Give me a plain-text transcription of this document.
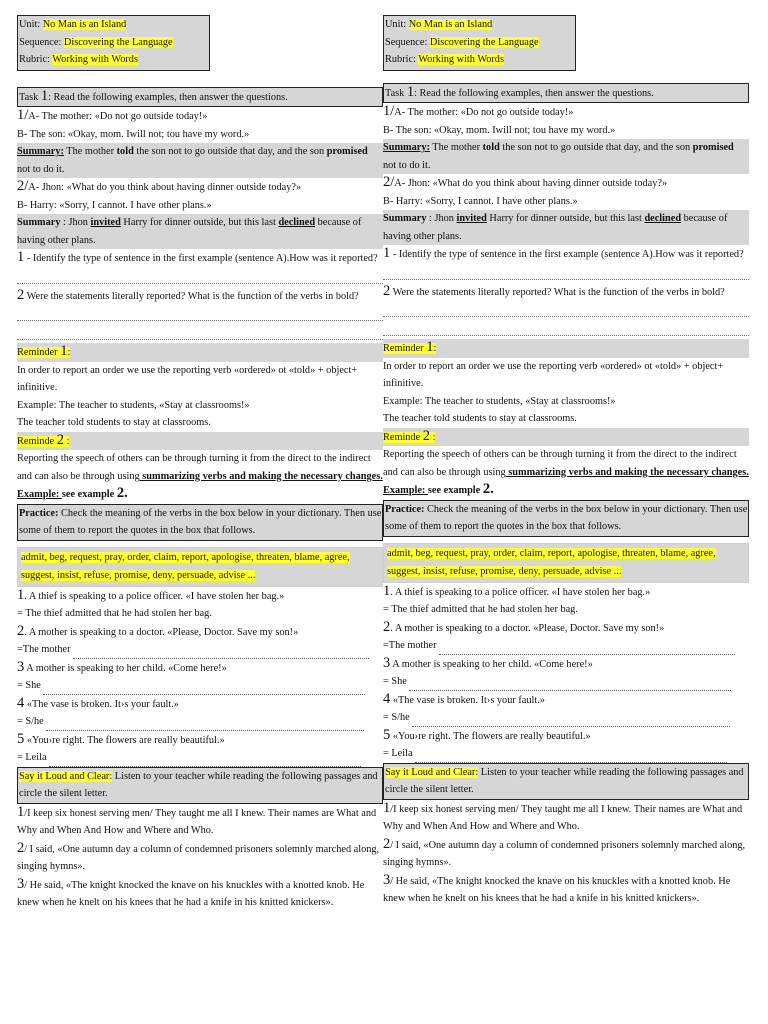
Unit: No Man is an Island
Sequence: Discovering the Language
Rubric: Working with Words

Task 1: Read the following examples, then answer the questions.

1/A- The mother: «Do not go outside today!»

B- The son: «Okay, mom. Iwill not; tou have my word.»

Summary: The mother told the son not to go outside that day, and the son promised not to do it.

2/A- Jhon: «What do you think about having dinner outside today?»

B- Harry: «Sorry, I cannot. I have other plans.»

Summary : Jhon invited Harry for dinner outside, but this last declined because of having other plans.

1 - Identify the type of sentence in the first example (sentence A).How was it reported?

2 Were the statements literally reported? What is the function of the verbs in bold?

Reminder 1:

In order to report an order we use the reporting verb «ordered» ot «told» + object+ infinitive.

Example: The teacher to students, «Stay at classrooms!»

The teacher told students to stay at classrooms.

Reminde 2 :

Reporting the speech of others can be through turning it from the direct to the indirect and can also be through using summarizing verbs and making the necessary changes.

Example: see example 2.

Practice: Check the meaning of the verbs in the box below in your dictionary. Then use some of them to report the quotes in the box that follows.

admit, beg, request, pray, order, claim, report, apologise, threaten, blame, agree, suggest, insist, refuse, promise, deny, persuade, advise ...

1. A thief is speaking to a police officer. «I have stolen her bag.»

= The thief admitted that he had stolen her bag.

2. A mother is speaking to a doctor. «Please, Doctor. Save my son!»

=The mother

3 A mother is speaking to her child. «Come here!»

= She

4 «The vase is broken. It›s your fault.»

= S/he

5 «You›re right. The flowers are really beautiful.»

= Leila

Say it Loud and Clear: Listen to your teacher while reading the following passages and circle the silent letter.

1/I keep six honest serving men/ They taught me all I knew. Their names are What and Why and When And How and Where and Who.

2/ I said, «One autumn day a column of condemned prisoners solemnly marched along, singing hymns».

3/ He said, «The knight knocked the knave on his knuckles with a knotted knob. He knew when he knelt on his knees that he had a knife in his knitted knickers».

Unit: No Man is an Island
Sequence: Discovering the Language
Rubric: Working with Words

Task 1: Read the following examples, then answer the questions.

1/A- The mother: «Do not go outside today!»

B- The son: «Okay, mom. Iwill not; tou have my word.»

Summary: The mother told the son not to go outside that day, and the son promised not to do it.

2/A- Jhon: «What do you think about having dinner outside today?»

B- Harry: «Sorry, I cannot. I have other plans.»

Summary : Jhon invited Harry for dinner outside, but this last declined because of having other plans.

1 - Identify the type of sentence in the first example (sentence A).How was it reported?

2 Were the statements literally reported? What is the function of the verbs in bold?

Reminder 1:

In order to report an order we use the reporting verb «ordered» ot «told» + object+ infinitive.

Example: The teacher to students, «Stay at classrooms!»

The teacher told students to stay at classrooms.

Reminde 2 :

Reporting the speech of others can be through turning it from the direct to the indirect and can also be through using summarizing verbs and making the necessary changes.

Example: see example 2.

Practice: Check the meaning of the verbs in the box below in your dictionary. Then use some of them to report the quotes in the box that follows.

admit, beg, request, pray, order, claim, report, apologise, threaten, blame, agree, suggest, insist, refuse, promise, deny, persuade, advise ...

1. A thief is speaking to a police officer. «I have stolen her bag.»

= The thief admitted that he had stolen her bag.

2. A mother is speaking to a doctor. «Please, Doctor. Save my son!»

=The mother

3 A mother is speaking to her child. «Come here!»

= She

4 «The vase is broken. It›s your fault.»

= S/he

5 «You›re right. The flowers are really beautiful.»

= Leila

Say it Loud and Clear: Listen to your teacher while reading the following passages and circle the silent letter.

1/I keep six honest serving men/ They taught me all I knew. Their names are What and Why and When And How and Where and Who.

2/ I said, «One autumn day a column of condemned prisoners solemnly marched along, singing hymns».

3/ He said, «The knight knocked the knave on his knuckles with a knotted knob. He knew when he knelt on his knees that he had a knife in his knitted knickers».
